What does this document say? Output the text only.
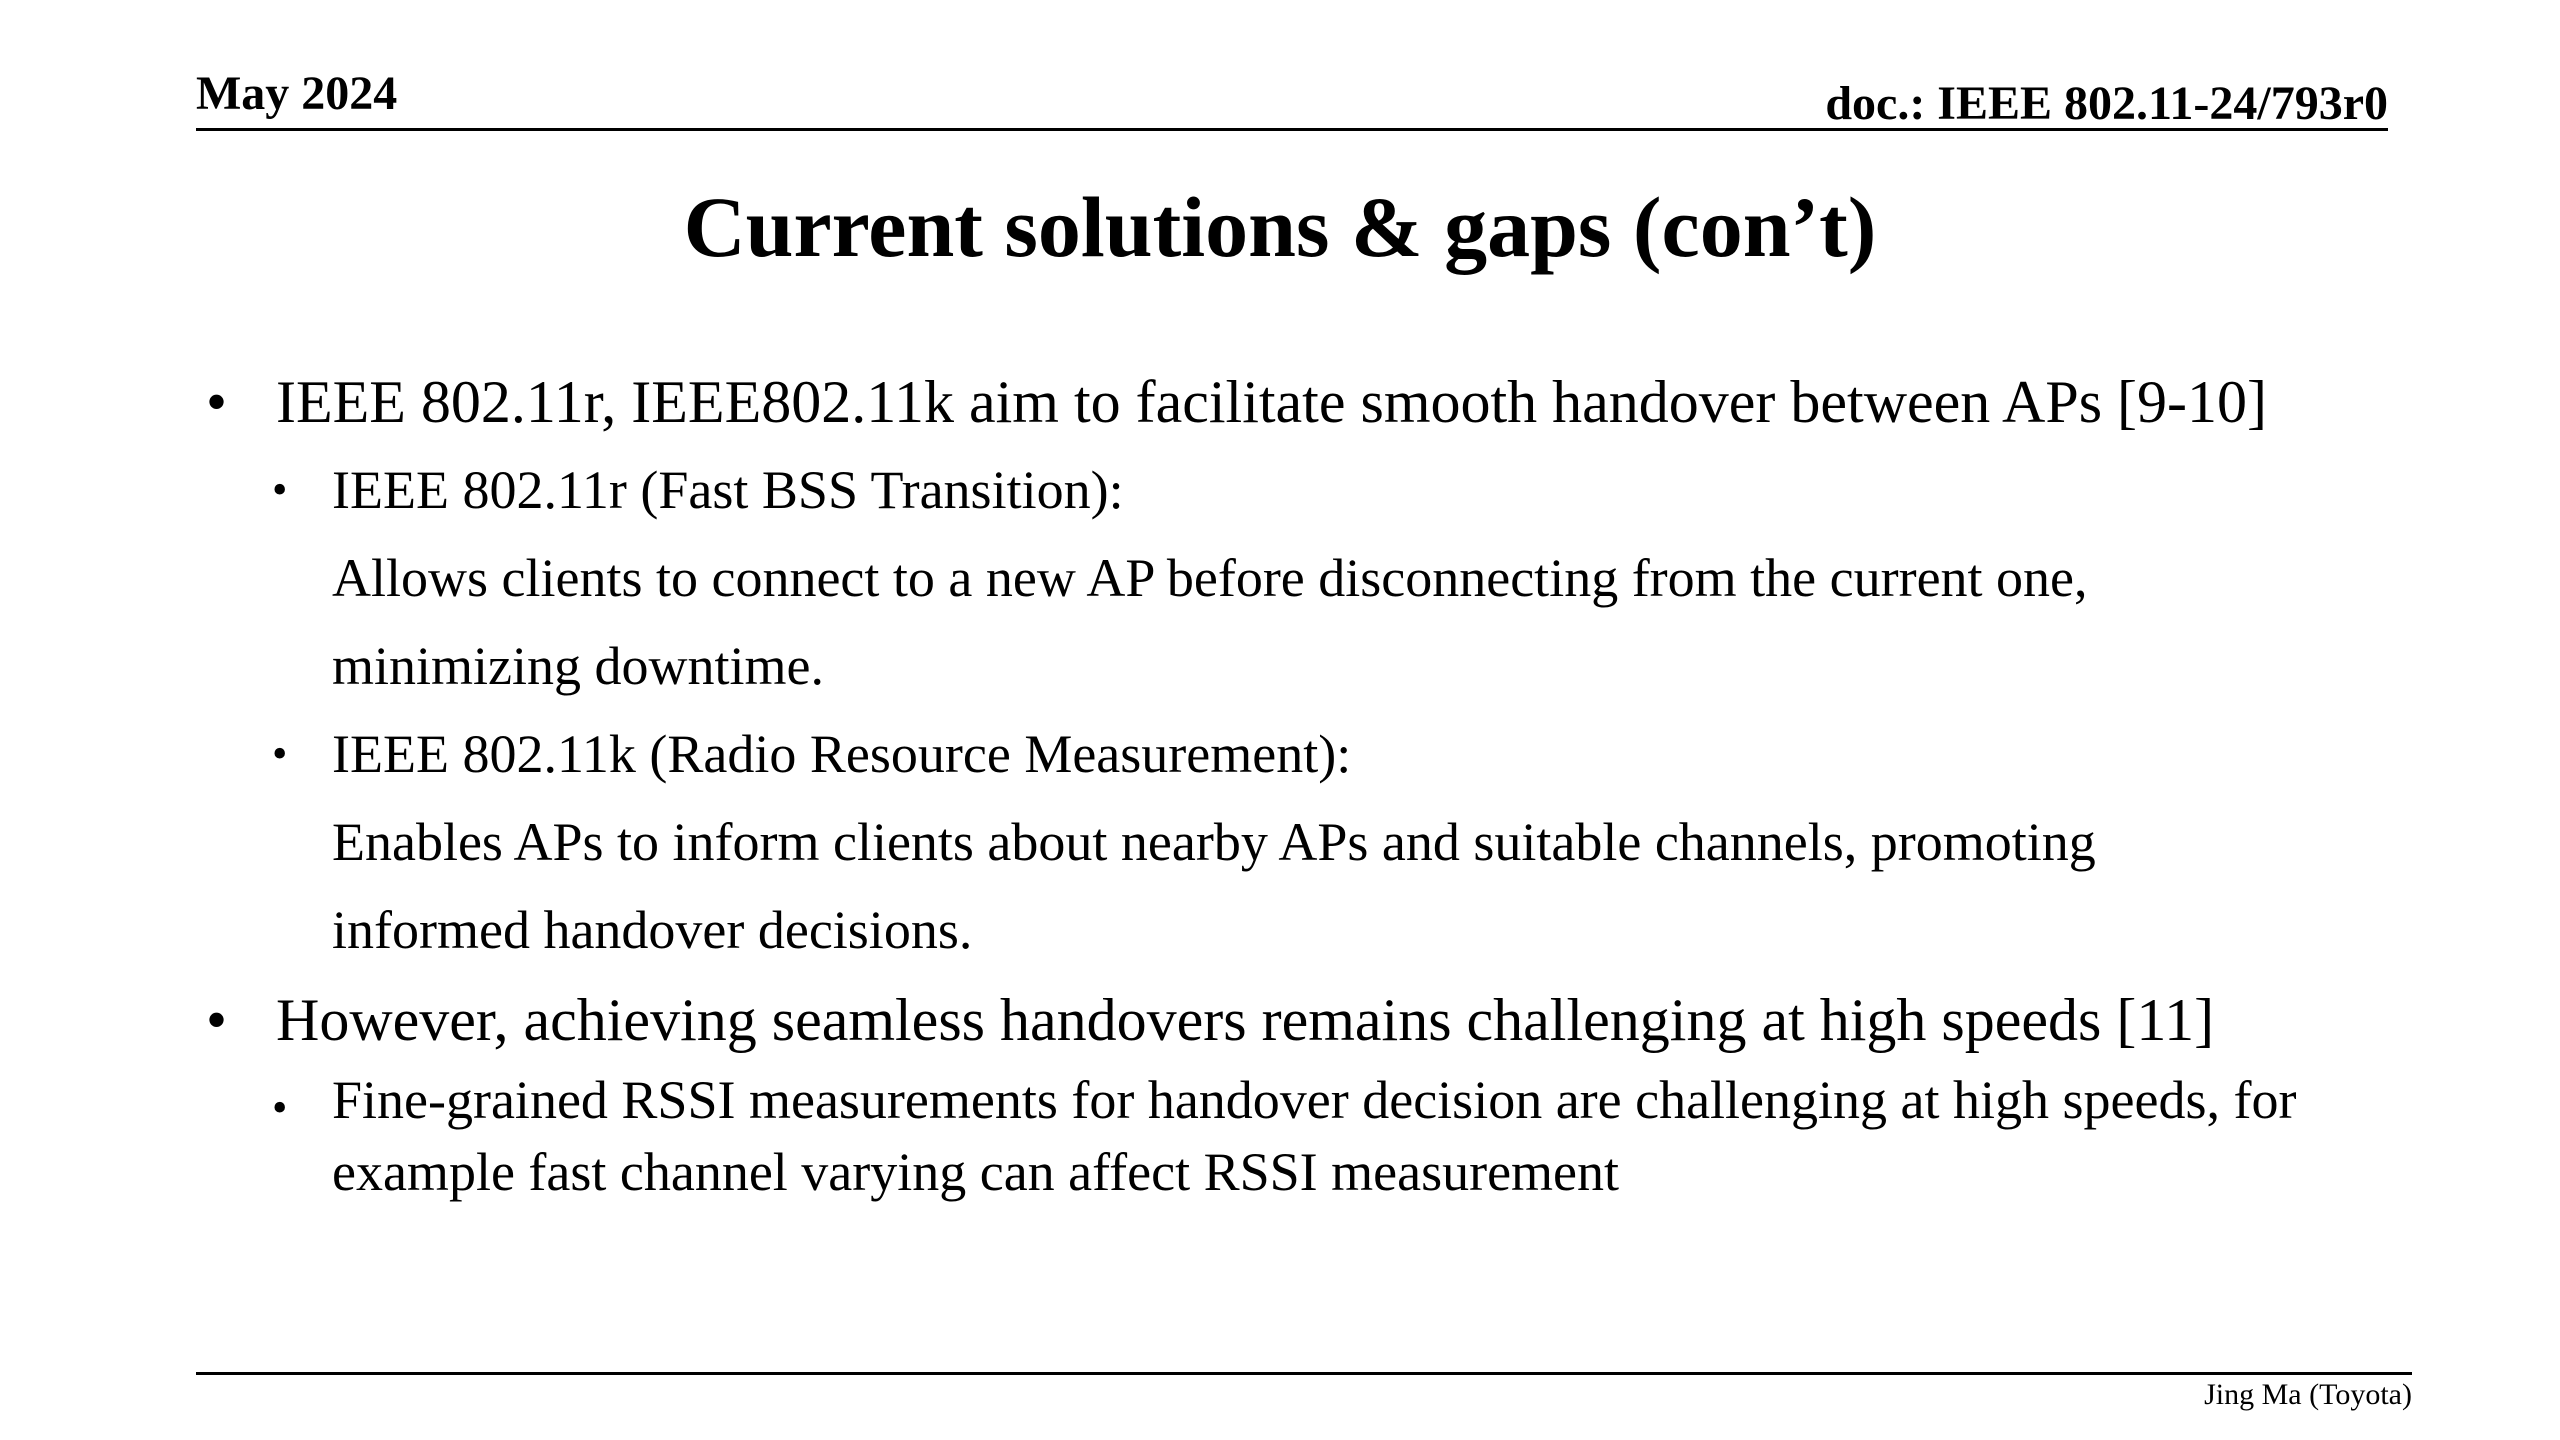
May 2024	doc.: IEEE 802.11-24/793r0
Current solutions & gaps (con’t)
• IEEE 802.11r, IEEE802.11k aim to facilitate smooth handover between APs [9-10]
• IEEE 802.11r (Fast BSS Transition):
Allows clients to connect to a new AP before disconnecting from the current one,
minimizing downtime.
• IEEE 802.11k (Radio Resource Measurement):
Enables APs to inform clients about nearby APs and suitable channels, promoting
informed handover decisions.
• However, achieving seamless handovers remains challenging at high speeds [11]
• Fine-grained RSSI measurements for handover decision are challenging at high speeds, for
example fast channel varying can affect RSSI measurement
Jing Ma (Toyota)
